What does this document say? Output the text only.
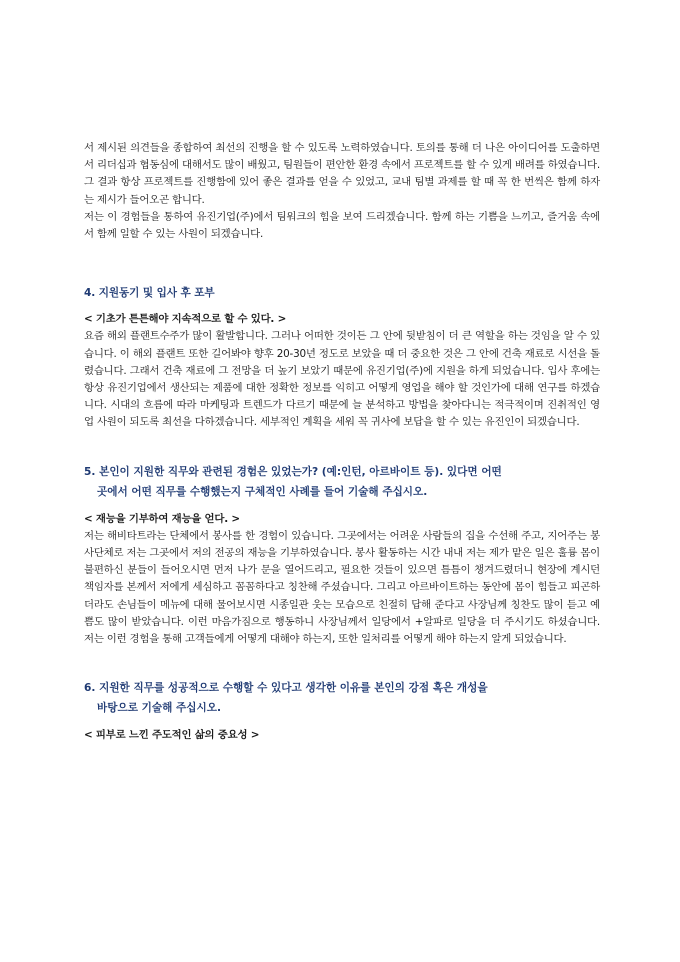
서 제시된 의견들을 종합하여 최선의 진행을 할 수 있도록 노력하였습니다. 토의를 통해 더 나은 아이디어를 도출하면서 리더십과 협동심에 대해서도 많이 배웠고, 팀원들이 편안한 환경 속에서 프로젝트를 할 수 있게 배려를 하였습니다. 그 결과 항상 프로젝트를 진행함에 있어 좋은 결과를 얻을 수 있었고, 교내 팀별 과제를 할 때 꼭 한 번씩은 함께 하자는 제시가 들어오곤 합니다.

저는 이 경험들을 통하여 유진기업(주)에서 팀워크의 힘을 보여 드리겠습니다. 함께 하는 기쁨을 느끼고, 즐거움 속에서 함께 일할 수 있는 사원이 되겠습니다.

4. 지원동기 및 입사 후 포부

< 기초가 튼튼해야 지속적으로 할 수 있다. >

요즘 해외 플랜트수주가 많이 활발합니다. 그러나 어떠한 것이든 그 안에 뒷받침이 더 큰 역할을 하는 것임을 알 수 있습니다. 이 해외 플랜트 또한 길어봐야 향후 20-30년 정도로 보았을 때 더 중요한 것은 그 안에 건축 재료로 시선을 돌렸습니다. 그래서 건축 재료에 그 전망을 더 높기 보았기 때문에 유진기업(주)에 지원을 하게 되었습니다. 입사 후에는 항상 유진기업에서 생산되는 제품에 대한 정확한 정보를 익히고 어떻게 영업을 해야 할 것인가에 대해 연구를 하겠습니다. 시대의 흐름에 따라 마케팅과 트렌드가 다르기 때문에 늘 분석하고 방법을 찾아다니는 적극적이며 진취적인 영업 사원이 되도록 최선을 다하겠습니다. 세부적인 계획을 세워 꼭 귀사에 보답을 할 수 있는 유진인이 되겠습니다.

5. 본인이 지원한 직무와 관련된 경험은 있었는가? (예:인턴, 아르바이트 등). 있다면 어떤
곳에서 어떤 직무를 수행했는지 구체적인 사례를 들어 기술해 주십시오.

< 재능을 기부하여 재능을 얻다. >

저는 해비타트라는 단체에서 봉사를 한 경험이 있습니다. 그곳에서는 어려운 사람들의 집을 수선해 주고, 지어주는 봉사단체로 저는 그곳에서 저의 전공의 재능을 기부하였습니다. 봉사 활동하는 시간 내내 저는 제가 맡은 일은 훌륭 몸이 불편하신 분들이 들어오시면 먼저 나가 문을 열어드리고, 필요한 것들이 있으면 틈틈이 챙겨드렸더니 현장에 계시던 책임자를 본께서 저에게 세심하고 꼼꼼하다고 칭찬해 주셨습니다. 그리고 아르바이트하는 동안에 몸이 힘들고 피곤하더라도 손님들이 메뉴에 대해 물어보시면 시종일관 웃는 모습으로 친절히 답해 준다고 사장님께 칭찬도 많이 듣고 예쁨도 많이 받았습니다. 이런 마음가짐으로 행동하니 사장님께서 일당에서 +알파로 일당을 더 주시기도 하셨습니다. 저는 이런 경험을 통해 고객들에게 어떻게 대해야 하는지, 또한 일처리를 어떻게 해야 하는지 알게 되었습니다.

6. 지원한 직무를 성공적으로 수행할 수 있다고 생각한 이유를 본인의 강점 혹은 개성을
바탕으로 기술해 주십시오.

< 피부로 느낀 주도적인 삶의 중요성 >
